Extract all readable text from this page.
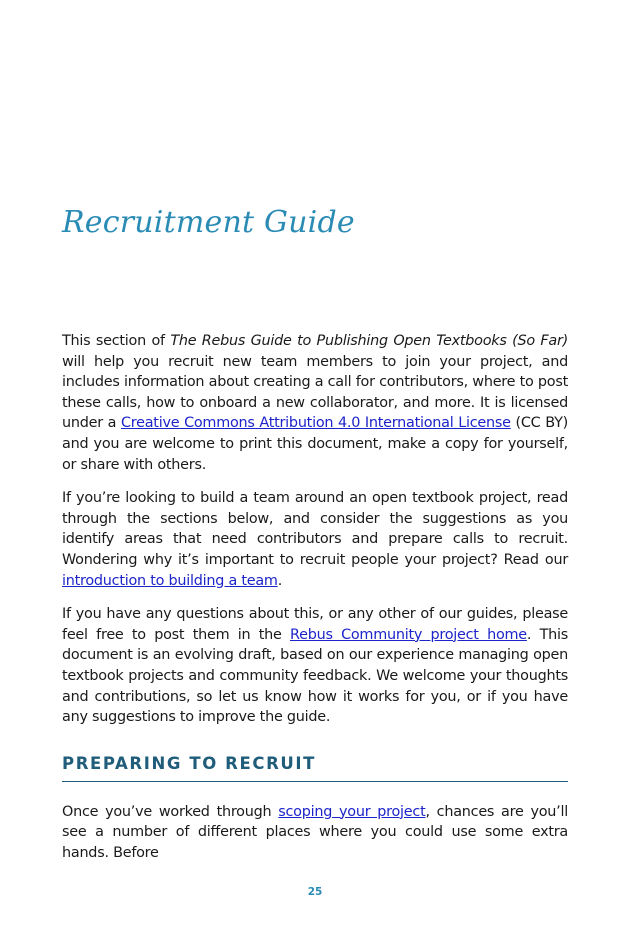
Recruitment Guide

This section of The Rebus Guide to Publishing Open Textbooks (So Far) will help you recruit new team members to join your project, and includes information about creating a call for contributors, where to post these calls, how to onboard a new collaborator, and more. It is licensed under a Creative Commons Attribution 4.0 International License (CC BY) and you are welcome to print this document, make a copy for yourself, or share with others.

If you’re looking to build a team around an open textbook project, read through the sections below, and consider the suggestions as you identify areas that need contributors and prepare calls to recruit. Wondering why it’s important to recruit people your project? Read our introduction to building a team.

If you have any questions about this, or any other of our guides, please feel free to post them in the Rebus Community project home. This document is an evolving draft, based on our experience managing open textbook projects and community feedback. We welcome your thoughts and contributions, so let us know how it works for you, or if you have any suggestions to improve the guide.

PREPARING TO RECRUIT

Once you’ve worked through scoping your project, chances are you’ll see a number of different places where you could use some extra hands. Before

25
